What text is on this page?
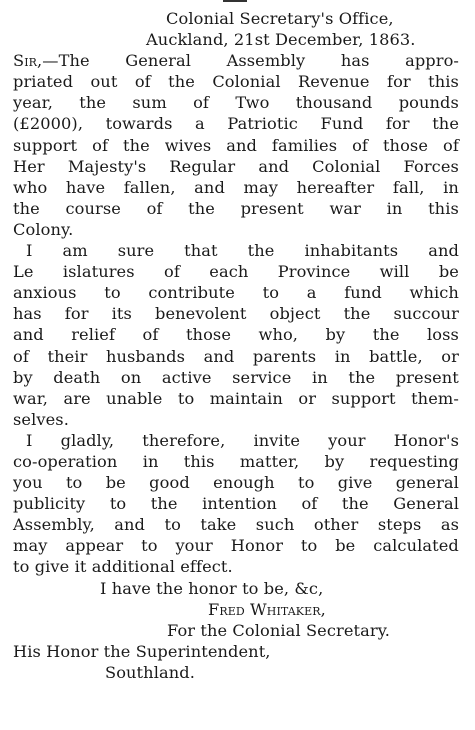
Colonial Secretary's Office,
Auckland, 21st December, 1863.
Sir,—The General Assembly has appro-
priated out of the Colonial Revenue for this
year, the sum of Two thousand pounds
(£2000), towards a Patriotic Fund for the
support of the wives and families of those of
Her Majesty's Regular and Colonial Forces
who have fallen, and may hereafter fall, in
the course of the present war in this
Colony.
I am sure that the inhabitants and
Le islatures of each Province will be
anxious to contribute to a fund which
has for its benevolent object the succour
and relief of those who, by the loss
of their husbands and parents in battle, or
by death on active service in the present
war, are unable to maintain or support them-
selves.
I gladly, therefore, invite your Honor's
co-operation in this matter, by requesting
you to be good enough to give general
publicity to the intention of the General
Assembly, and to take such other steps as
may appear to your Honor to be calculated
to give it additional effect.
I have the honor to be, &c,
Fred Whitaker,
For the Colonial Secretary.
His Honor the Superintendent,
Southland.
